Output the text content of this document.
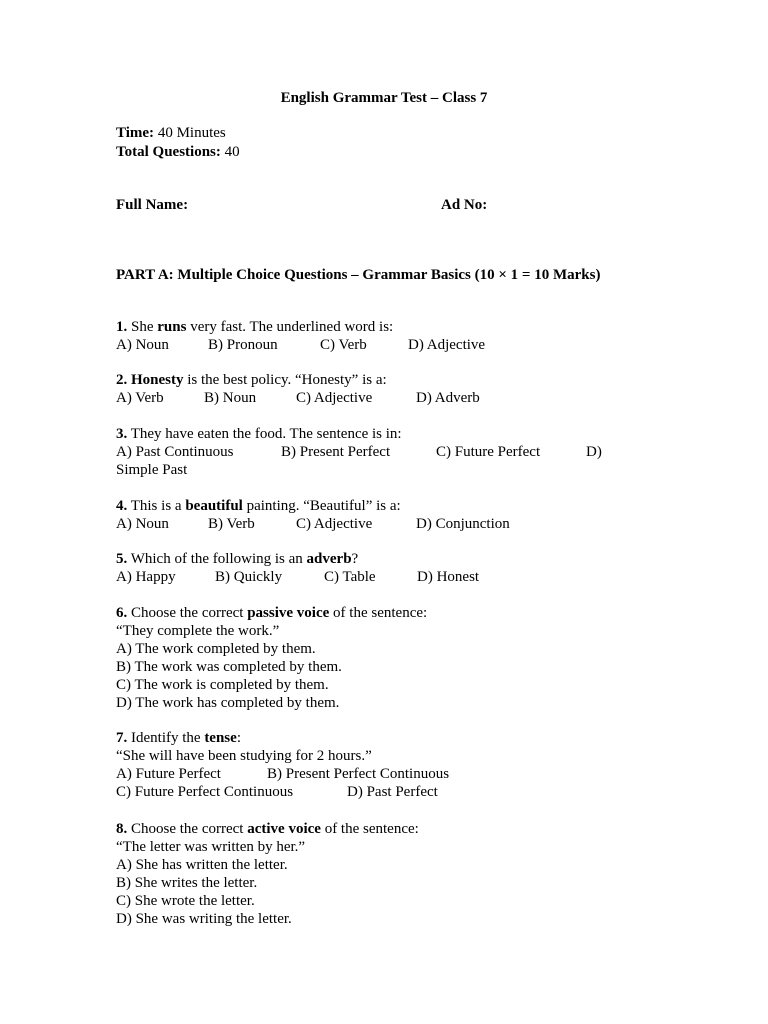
English Grammar Test – Class 7
Time: 40 Minutes
Total Questions: 40
Full Name:	Ad No:
PART A: Multiple Choice Questions – Grammar Basics (10 × 1 = 10 Marks)
1. She runs very fast. The underlined word is:
A) Noun	B) Pronoun	C) Verb	D) Adjective
2. Honesty is the best policy. “Honesty” is a:
A) Verb	B) Noun	C) Adjective	D) Adverb
3. They have eaten the food. The sentence is in:
A) Past Continuous	B) Present Perfect	C) Future Perfect	D)
Simple Past
4. This is a beautiful painting. “Beautiful” is a:
A) Noun	B) Verb	C) Adjective	D) Conjunction
5. Which of the following is an adverb?
A) Happy	B) Quickly	C) Table	D) Honest
6. Choose the correct passive voice of the sentence:
“They complete the work.”
A) The work completed by them.
B) The work was completed by them.
C) The work is completed by them.
D) The work has completed by them.
7. Identify the tense:
“She will have been studying for 2 hours.”
A) Future Perfect	B) Present Perfect Continuous
C) Future Perfect Continuous	D) Past Perfect
8. Choose the correct active voice of the sentence:
“The letter was written by her.”
A) She has written the letter.
B) She writes the letter.
C) She wrote the letter.
D) She was writing the letter.
